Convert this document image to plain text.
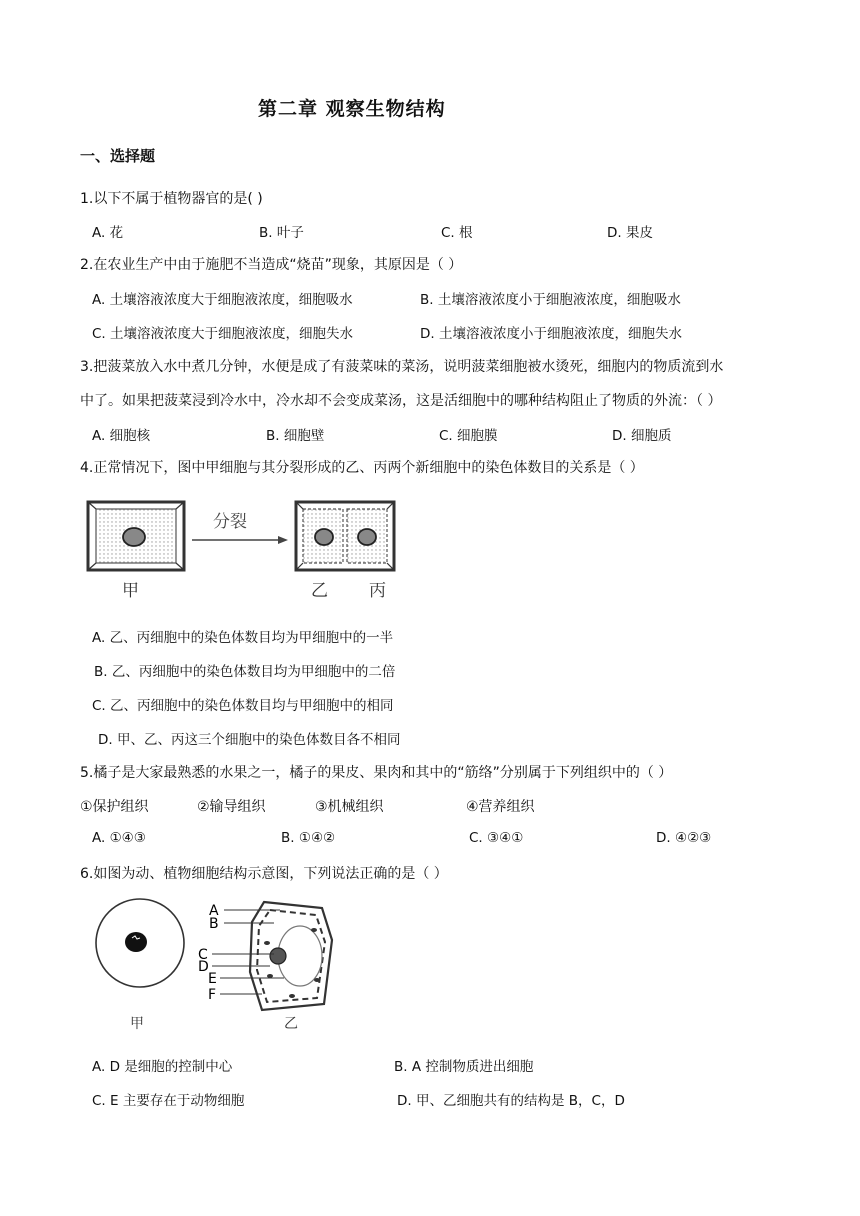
第二章 观察生物结构
一、选择题
1.以下不属于植物器官的是( )
A. 花	B. 叶子	C. 根	D. 果皮
2.在农业生产中由于施肥不当造成“烧苗”现象，其原因是（ ）
A. 土壤溶液浓度大于细胞液浓度，细胞吸水	B. 土壤溶液浓度小于细胞液浓度，细胞吸水
C. 土壤溶液浓度大于细胞液浓度，细胞失水	D. 土壤溶液浓度小于细胞液浓度，细胞失水
3.把菠菜放入水中煮几分钟，水便是成了有菠菜味的菜汤，说明菠菜细胞被水烫死，细胞内的物质流到水
中了。如果把菠菜浸到冷水中，冷水却不会变成菜汤，这是活细胞中的哪种结构阻止了物质的外流：（ ）
A. 细胞核	B. 细胞壁	C. 细胞膜	D. 细胞质
4.正常情况下，图中甲细胞与其分裂形成的乙、丙两个新细胞中的染色体数目的关系是（ ）
分裂
甲	乙 丙
A. 乙、丙细胞中的染色体数目均为甲细胞中的一半
B. 乙、丙细胞中的染色体数目均为甲细胞中的二倍
C. 乙、丙细胞中的染色体数目均与甲细胞中的相同
D. 甲、乙、丙这三个细胞中的染色体数目各不相同
5.橘子是大家最熟悉的水果之一，橘子的果皮、果肉和其中的“筋络”分别属于下列组织中的（ ）
①保护组织	②输导组织	③机械组织	④营养组织
A. ①④③	B. ①④②	C. ③④①	D. ④②③
6.如图为动、植物细胞结构示意图，下列说法正确的是（ ）
A
B
C
D
E
F
甲	乙
A. D 是细胞的控制中心	B. A 控制物质进出细胞
C. E 主要存在于动物细胞	D. 甲、乙细胞共有的结构是 B，C，D
